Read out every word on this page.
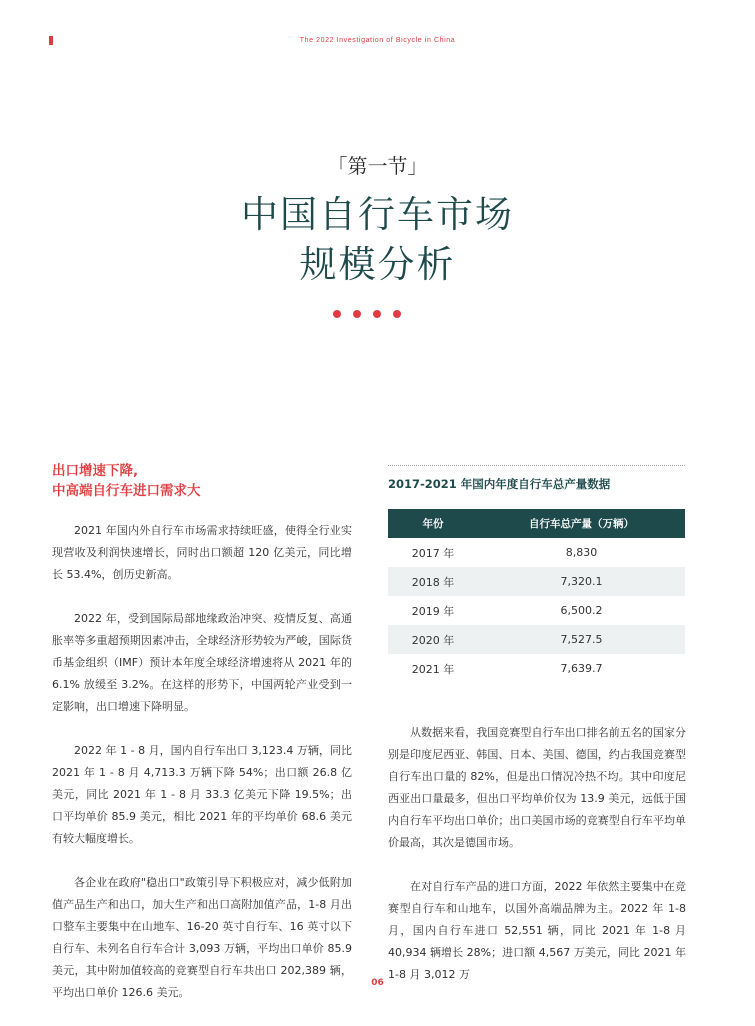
The 2022 Investigation of Bicycle in China
「第一节」
中国自行车市场
规模分析
出口增速下降,
中高端自行车进口需求大

2021 年国内外自行车市场需求持续旺盛，使得全行业实现营收及利润快速增长，同时出口额超 120 亿美元，同比增长 53.4%，创历史新高。

2022 年，受到国际局部地缘政治冲突、疫情反复、高通胀率等多重超预期因素冲击，全球经济形势较为严峻，国际货币基金组织（IMF）预计本年度全球经济增速将从 2021 年的 6.1% 放缓至 3.2%。在这样的形势下，中国两轮产业受到一定影响，出口增速下降明显。

2022 年 1 - 8 月，国内自行车出口 3,123.4 万辆，同比 2021 年 1 - 8 月 4,713.3 万辆下降 54%；出口额 26.8 亿美元，同比 2021 年 1 - 8 月 33.3 亿美元下降 19.5%；出口平均单价 85.9 美元，相比 2021 年的平均单价 68.6 美元有较大幅度增长。

各企业在政府"稳出口"政策引导下积极应对，减少低附加值产品生产和出口，加大生产和出口高附加值产品，1-8 月出口整车主要集中在山地车、16-20 英寸自行车、16 英寸以下自行车、未列名自行车合计 3,093 万辆，平均出口单价 85.9 美元，其中附加值较高的竞赛型自行车共出口 202,389 辆，平均出口单价 126.6 美元。

2017-2021 年国内年度自行车总产量数据
年份	自行车总产量（万辆）
2017 年	8,830
2018 年	7,320.1
2019 年	6,500.2
2020 年	7,527.5
2021 年	7,639.7

从数据来看，我国竞赛型自行车出口排名前五名的国家分别是印度尼西亚、韩国、日本、美国、德国，约占我国竞赛型自行车出口量的 82%，但是出口情况冷热不均。其中印度尼西亚出口量最多，但出口平均单价仅为 13.9 美元，远低于国内自行车平均出口单价；出口美国市场的竞赛型自行车平均单价最高，其次是德国市场。

在对自行车产品的进口方面，2022 年依然主要集中在竞赛型自行车和山地车，以国外高端品牌为主。2022 年 1-8 月，国内自行车进口 52,551 辆，同比 2021 年 1-8 月 40,934 辆增长 28%；进口额 4,567 万美元，同比 2021 年 1-8 月 3,012 万

06
